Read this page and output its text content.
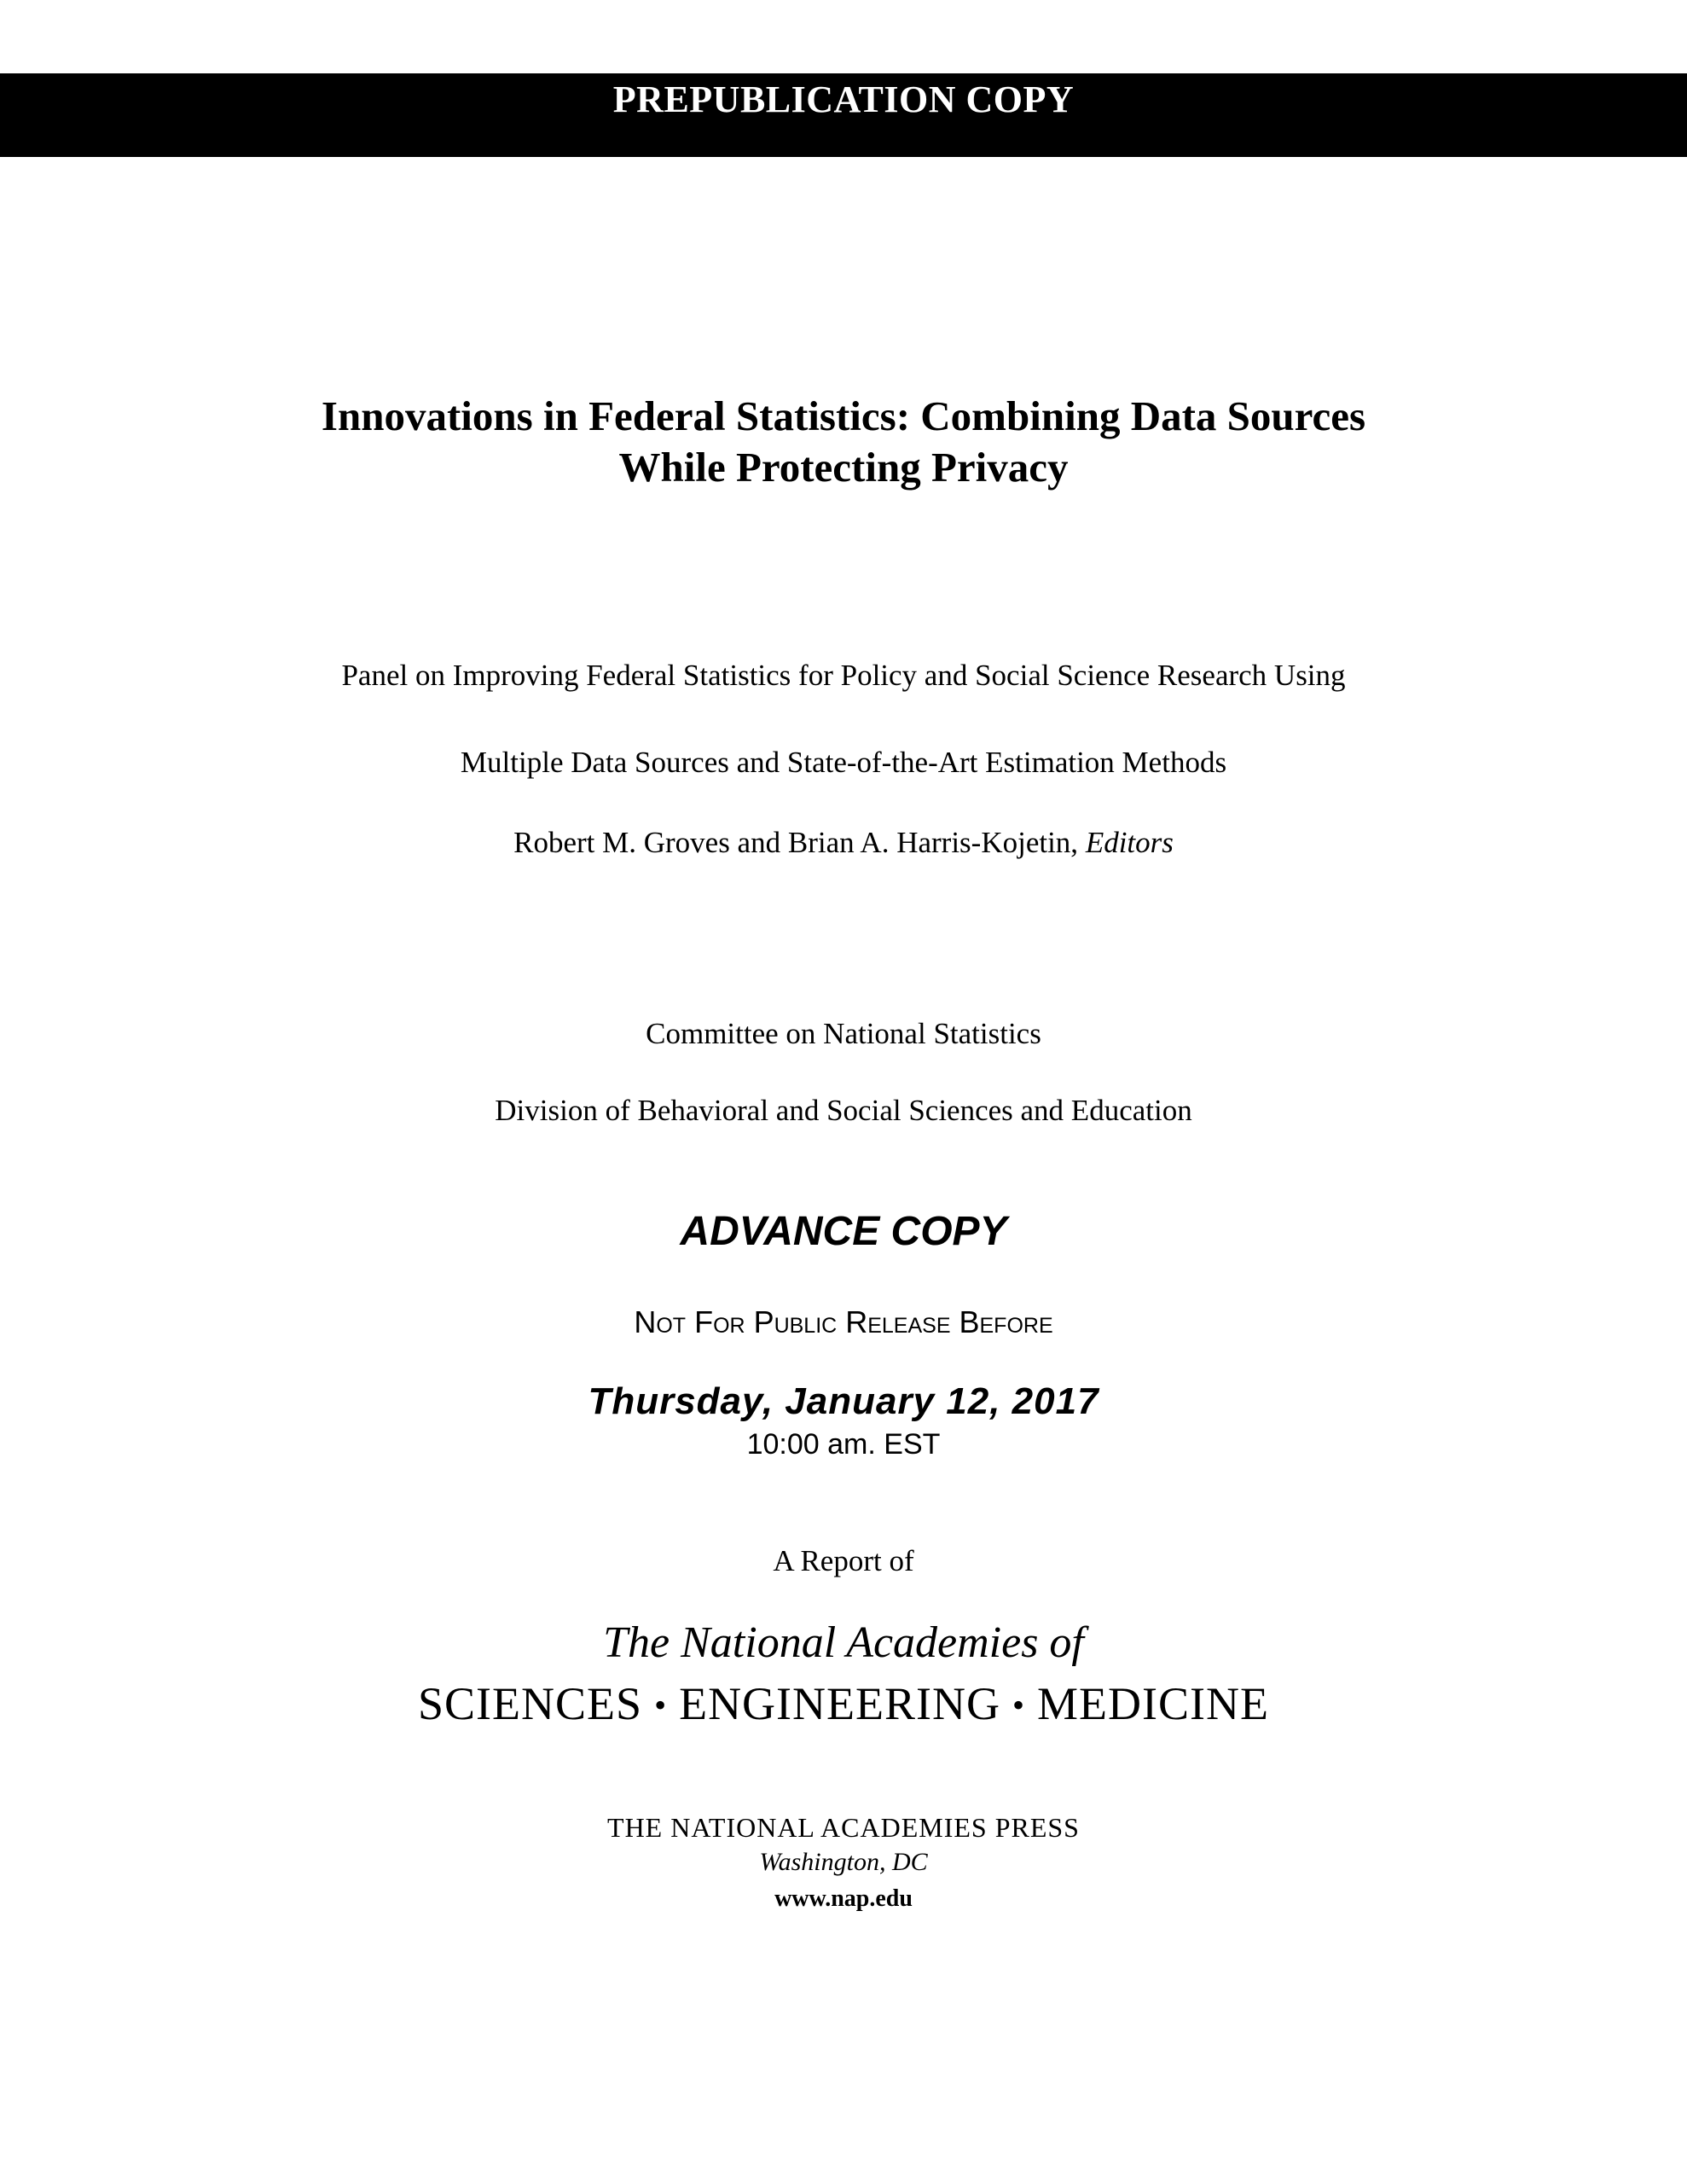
PREPUBLICATION COPY
Innovations in Federal Statistics: Combining Data Sources
While Protecting Privacy
Panel on Improving Federal Statistics for Policy and Social Science Research Using
Multiple Data Sources and State-of-the-Art Estimation Methods
Robert M. Groves and Brian A. Harris-Kojetin, Editors
Committee on National Statistics
Division of Behavioral and Social Sciences and Education
ADVANCE COPY
Not For Public Release Before
Thursday, January 12, 2017
10:00 am. EST
A Report of
The National Academies of
SCIENCES • ENGINEERING • MEDICINE
THE NATIONAL ACADEMIES PRESS
Washington, DC
www.nap.edu
